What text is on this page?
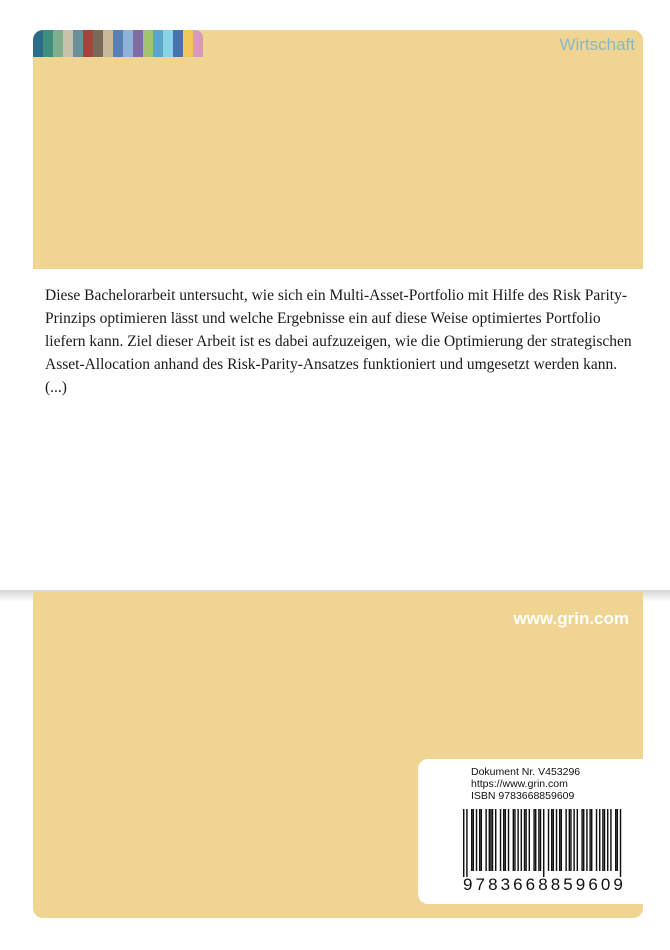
Wirtschaft

Diese Bachelorarbeit untersucht, wie sich ein Multi-Asset-Portfolio mit Hilfe des Risk Parity-Prinzips optimieren lässt und welche Ergebnisse ein auf diese Weise optimiertes Portfolio liefern kann. Ziel dieser Arbeit ist es dabei aufzuzeigen, wie die Optimierung der strategischen Asset-Allocation anhand des Risk-Parity-Ansatzes funktioniert und umgesetzt werden kann. (...)

www.grin.com

Dokument Nr. V453296

https://www.grin.com

ISBN 9783668859609

9 7 8 3 6 6 8 8 5 9 6 0 9
